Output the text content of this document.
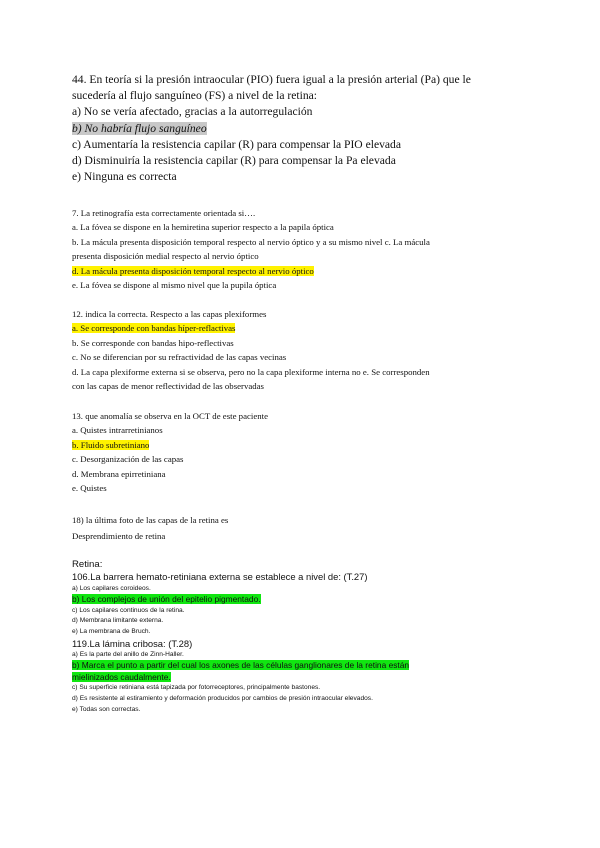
44. En teoría si la presión intraocular (PIO) fuera igual a la presión arterial (Pa) que le
sucedería al flujo sanguíneo (FS) a nivel de la retina:
a) No se vería afectado, gracias a la autorregulación
b) No habría flujo sanguíneo
c) Aumentaría la resistencia capilar (R) para compensar la PIO elevada
d) Disminuiría la resistencia capilar (R) para compensar la Pa elevada
e) Ninguna es correcta
7. La retinografía esta correctamente orientada si….
a. La fóvea se dispone en la hemiretina superior respecto a la papila óptica
b. La mácula presenta disposición temporal respecto al nervio óptico y a su mismo nivel c. La mácula
presenta disposición medial respecto al nervio óptico
d. La mácula presenta disposición temporal respecto al nervio óptico
e. La fóvea se dispone al mismo nivel que la pupila óptica
12. indica la correcta. Respecto a las capas plexiformes
a. Se corresponde con bandas híper-reflactivas
b. Se corresponde con bandas hipo-reflectivas
c. No se diferencian por su refractividad de las capas vecinas
d. La capa plexiforme externa si se observa, pero no la capa plexiforme interna no e. Se corresponden
con las capas de menor reflectividad de las observadas
13. que anomalía se observa en la OCT de este paciente
a. Quistes intrarretinianos
b. Fluido subretiniano
c. Desorganización de las capas
d. Membrana epirretiniana
e. Quistes
18) la última foto de las capas de la retina es
Desprendimiento de retina
Retina:
106.La barrera hemato-retiniana externa se establece a nivel de: (T.27)
a) Los capilares coroideos.
b) Los complejos de unión del epitelio pigmentado.
c) Los capilares continuos de la retina.
d) Membrana limitante externa.
e) La membrana de Bruch.
119.La lámina cribosa: (T.28)
a) Es la parte del anillo de Zinn-Haller.
b) Marca el punto a partir del cual los axones de las células ganglionares de la retina están
mielinizados caudalmente.
c) Su superficie retiniana está tapizada por fotorreceptores, principalmente bastones.
d) Es resistente al estiramiento y deformación producidos por cambios de presión intraocular elevados.
e) Todas son correctas.
